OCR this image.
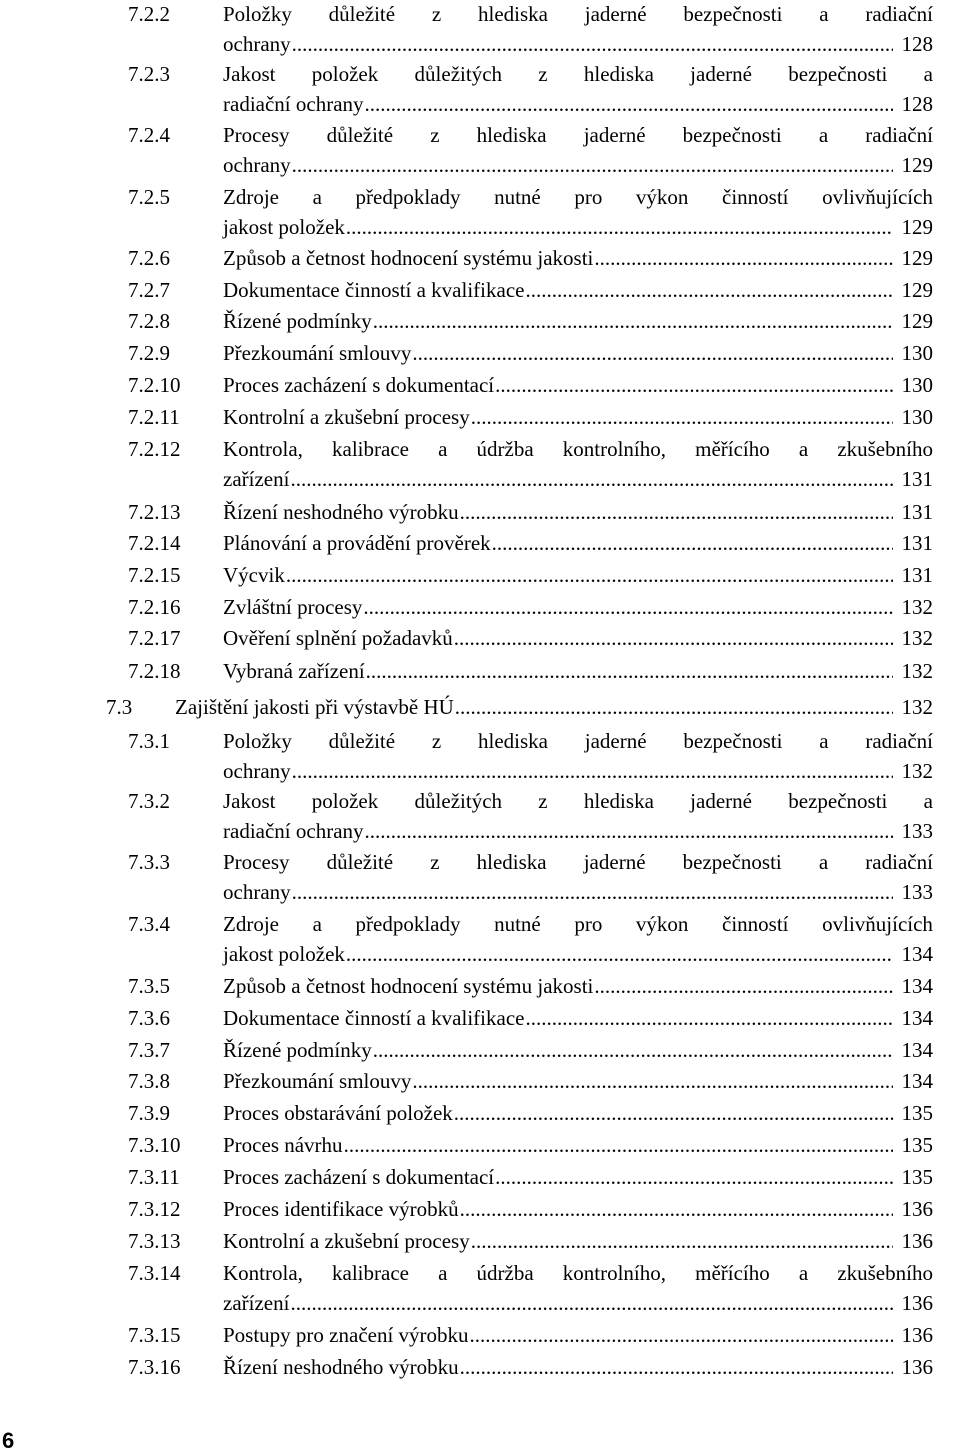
7.2.2	Položky důležité z hlediska jaderné bezpečnosti a radiační
ochrany .....	128
7.2.3	Jakost položek důležitých z hlediska jaderné bezpečnosti a
radiační ochrany .....	128
7.2.4	Procesy důležité z hlediska jaderné bezpečnosti a radiační
ochrany .....	129
7.2.5	Zdroje a předpoklady nutné pro výkon činností ovlivňujících
jakost položek .....	129
7.2.6	Způsob a četnost hodnocení systému jakosti .....	129
7.2.7	Dokumentace činností a kvalifikace .....	129
7.2.8	Řízené podmínky .....	129
7.2.9	Přezkoumání smlouvy .....	130
7.2.10 Proces zacházení s dokumentací .....	130
7.2.11 Kontrolní a zkušební procesy .....	130
7.2.12 Kontrola, kalibrace a údržba kontrolního, měřícího a zkušebního
zařízení .....	131
7.2.13 Řízení neshodného výrobku .....	131
7.2.14 Plánování a provádění prověrek .....	131
7.2.15 Výcvik .....	131
7.2.16 Zvláštní procesy .....	132
7.2.17 Ověření splnění požadavků .....	132
7.2.18 Vybraná zařízení .....	132
7.3 Zajištění jakosti při výstavbě HÚ .....	132
7.3.1	Položky důležité z hlediska jaderné bezpečnosti a radiační
ochrany .....	132
7.3.2	Jakost položek důležitých z hlediska jaderné bezpečnosti a
radiační ochrany .....	133
7.3.3	Procesy důležité z hlediska jaderné bezpečnosti a radiační
ochrany .....	133
7.3.4	Zdroje a předpoklady nutné pro výkon činností ovlivňujících
jakost položek .....	134
7.3.5	Způsob a četnost hodnocení systému jakosti .....	134
7.3.6	Dokumentace činností a kvalifikace .....	134
7.3.7	Řízené podmínky .....	134
7.3.8	Přezkoumání smlouvy .....	134
7.3.9	Proces obstarávání položek .....	135
7.3.10 Proces návrhu .....	135
7.3.11 Proces zacházení s dokumentací .....	135
7.3.12 Proces identifikace výrobků .....	136
7.3.13 Kontrolní a zkušební procesy .....	136
7.3.14 Kontrola, kalibrace a údržba kontrolního, měřícího a zkušebního
zařízení .....	136
7.3.15 Postupy pro značení výrobku .....	136
7.3.16 Řízení neshodného výrobku .....	136
6
